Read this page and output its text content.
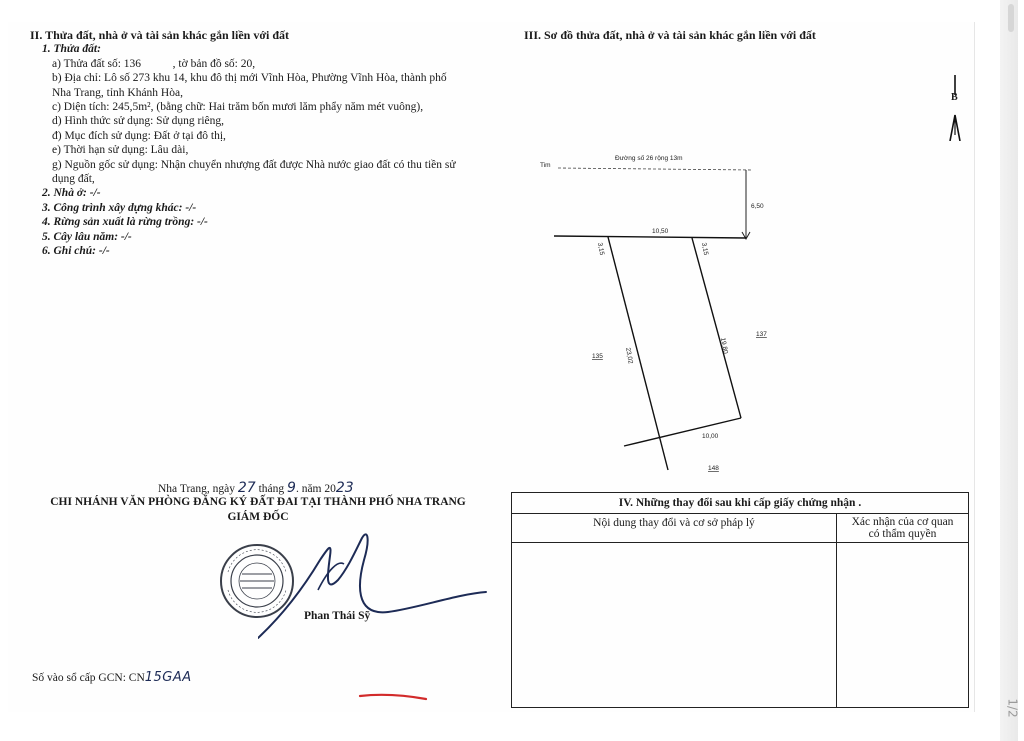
1/2
II. Thửa đất, nhà ở và tài sản khác gắn liền với đất
1. Thửa đất:
a) Thửa đất số: 136           , tờ bản đồ số: 20,
b) Địa chỉ: Lô số 273 khu 14, khu đô thị mới Vĩnh Hòa, Phường Vĩnh Hòa, thành phố
Nha Trang, tỉnh Khánh Hòa,
c) Diện tích: 245,5m², (bằng chữ: Hai trăm bốn mươi lăm phẩy năm mét vuông),
d) Hình thức sử dụng: Sử dụng riêng,
đ) Mục đích sử dụng: Đất ở tại đô thị,
e) Thời hạn sử dụng: Lâu dài,
g) Nguồn gốc sử dụng: Nhận chuyển nhượng đất được Nhà nước giao đất có thu tiền sử
dụng đất,
2. Nhà ở: -/-
3. Công trình xây dựng khác: -/-
4. Rừng sản xuất là rừng trồng: -/-
5. Cây lâu năm: -/-
6. Ghi chú: -/-
III. Sơ đồ thửa đất, nhà ở và tài sản khác gắn liền với đất
B
Đường số 26 rộng 13m
Tim
6,50
10,50
3,15	3,15
23,02
19,80
10,00
135
137
148
Nha Trang, ngày 27 tháng 9. năm 2023
CHI NHÁNH VĂN PHÒNG ĐĂNG KÝ ĐẤT ĐAI TẠI THÀNH PHỐ NHA TRANG
GIÁM ĐỐC
Phan Thái Sỹ
Số vào sổ cấp GCN: CN15GAA
IV. Những thay đổi sau khi cấp giấy chứng nhận .
Nội dung thay đổi và cơ sở pháp lý	Xác nhận của cơ quan
có thẩm quyền
